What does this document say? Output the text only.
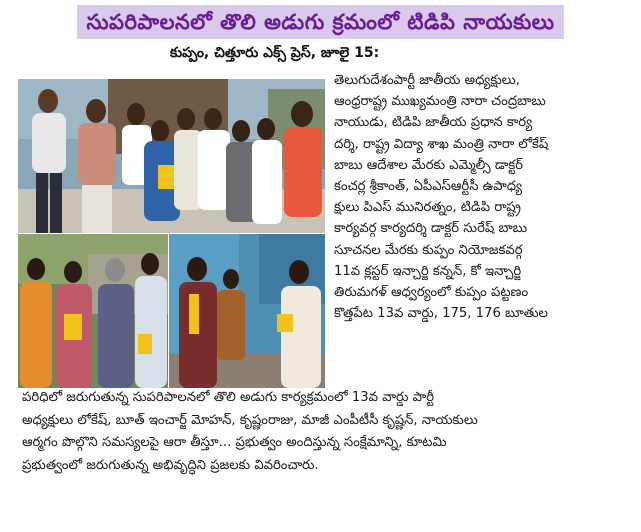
సుపరిపాలనలో తొలి అడుగు క్రమంలో టిడిపి నాయకులు
కుప్పం, చిత్తూరు ఎక్స్ ప్రెస్, జూలై 15:

తెలుగుదేశంపార్టీ జాతీయ అధ్యక్షులు,

ఆంధ్రరాష్ట్ర ముఖ్యమంత్రి నారా చంద్రబాబు

నాయుడు, టిడిపి జాతీయ ప్రధాన కార్య

దర్శి, రాష్ట్ర విద్యా శాఖ మంత్రి నారా లోకేష్

బాబు ఆదేశాల మేరకు ఎమ్మెల్సీ డాక్టర్

కంచర్ల శ్రీకాంత్, ఏపీఎస్ఆర్టీసీ ఉపాధ్య

క్షులు పిఎస్ మునిరత్నం, టిడిపి రాష్ట్ర

కార్యవర్గ కార్యదర్శి డాక్టర్ సురేష్ బాబు

సూచనల మేరకు కుప్పం నియోజకవర్గ

11వ క్లస్టర్ ఇన్చార్జి కన్నన్, కో ఇన్చార్జి

తిరుమగళ్ ఆధ్వర్యంలో కుప్పం పట్టణం

కొత్తపేట 13వ వార్డు, 175, 176 బూతుల

పరిధిలో జరుగుతున్న సుపరిపాలనలో తొలి అడుగు కార్యక్రమంలో 13వ వార్డు పార్టీ

అధ్యక్షులు లోకేష్, బూత్ ఇంచార్జ్ మోహన్, కృష్ణంరాజు, మాజీ ఎంపీటీసీ కృష్ణన్, నాయకులు

ఆర్మగం పొల్గొని సమస్యలపై ఆరా తీస్తూ... ప్రభుత్వం అందిస్తున్న సంక్షేమాన్ని, కూటమి

ప్రభుత్వంలో జరుగుతున్న అభివృద్ధిని ప్రజలకు వివరించారు.
